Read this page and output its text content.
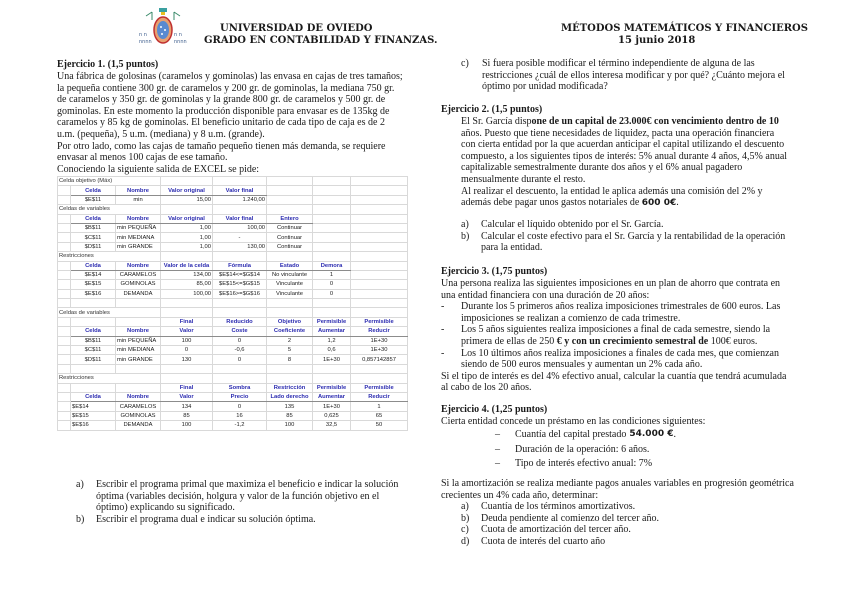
n n
nnnn
n n
nnnn
UNIVERSIDAD DE OVIEDO
GRADO EN CONTABILIDAD Y FINANZAS.
MÉTODOS MATEMÁTICOS Y FINANCIEROS
15 junio 2018
Ejercicio 1. (1,5 puntos)
Una fábrica de golosinas (caramelos y gominolas) las envasa en cajas de tres tamaños;
la pequeña contiene 300 gr. de caramelos y 200 gr. de gominolas, la mediana 750 gr.
de caramelos y 350 gr. de gominolas y la grande 800 gr. de caramelos y 500 gr. de
gominolas. En este momento la producción disponible para envasar es de 135kg de
caramelos y 85 kg de gominolas. El beneficio unitario de cada tipo de caja es de 2
u.m. (pequeña), 5 u.m. (mediana) y 8 u.m. (grande).
Por otro lado, como las cajas de tamaño pequeño tienen más demanda, se requiere
envasar al menos 100 cajas de ese tamaño.
Conociendo la siguiente salida de EXCEL se pide:
Celda objetivo (Máx)							
	Celda	Nombre	Valor original	Valor final			
	$E$11	min	15,00	1.240,00			
Celdas de variables							
	Celda	Nombre	Valor original	Valor final	Entero		
	$B$11	min PEQUEÑA	1,00	100,00	Continuar		
	$C$11	min MEDIANA	1,00	-	Continuar		
	$D$11	min GRANDE	1,00	130,00	Continuar		
Restricciones							
	Celda	Nombre	Valor de la celda	Fórmula	Estado	Demora	
	$E$14	CARAMELOS	134,00	$E$14<=$G$14	No vinculante	1	
	$E$15	GOMINOLAS	85,00	$E$15<=$G$15	Vinculante	0	
	$E$16	DEMANDA	100,00	$E$16>=$G$16	Vinculante	0	

Celdas de variables							
			Final	Reducido	Objetivo	Permisible	Permisible
	Celda	Nombre	Valor	Coste	Coeficiente	Aumentar	Reducir
	$B$11	min PEQUEÑA	100	0	2	1,2	1E+30
	$C$11	min MEDIANA	0	-0,6	5	0,6	1E+30
	$D$11	min GRANDE	130	0	8	1E+30	0,857142857

Restricciones							
			Final	Sombra	Restricción	Permisible	Permisible
	Celda	Nombre	Valor	Precio	Lado derecho	Aumentar	Reducir
	$E$14	CARAMELOS	134	0	135	1E+30	1
	$E$15	GOMINOLAS	85	16	85	0,625	65
	$E$16	DEMANDA	100	-1,2	100	32,5	50
a)	Escribir el programa primal que maximiza el beneficio e indicar la solución
óptima (variables decisión, holgura y valor de la función objetivo en el
óptimo) explicando su significado.
b)	Escribir el programa dual e indicar su solución óptima.
c)	Si fuera posible modificar el término independiente de alguna de las
restricciones ¿cuál de ellos interesa modificar y por qué? ¿Cuánto mejora el
óptimo por unidad modificada?
Ejercicio 2. (1,5 puntos)
El Sr. García dispone de un capital de 23.000€ con vencimiento dentro de 10
años. Puesto que tiene necesidades de liquidez, pacta una operación financiera
con cierta entidad por la que acuerdan anticipar el capital utilizando el descuento
compuesto, a los siguientes tipos de interés: 5% anual durante 4 años, 4,5% anual
capitalizable semestralmente durante dos años y el 6% anual pagadero
mensualmente durante el resto.
Al realizar el descuento, la entidad le aplica además una comisión del 2% y
además debe pagar unos gastos notariales de 600 0€.
a)	Calcular el líquido obtenido por el Sr. García.
b)	Calcular el coste efectivo para el Sr. García y la rentabilidad de la operación
para la entidad.
Ejercicio 3. (1,75 puntos)
Una persona realiza las siguientes imposiciones en un plan de ahorro que contrata en
una entidad financiera con una duración de 20 años:
-	Durante los 5 primeros años realiza imposiciones trimestrales de 600 euros. Las
imposiciones se realizan a comienzo de cada trimestre.
-	Los 5 años siguientes realiza imposiciones a final de cada semestre, siendo la
primera de ellas de 250 € y con un crecimiento semestral de 100€ euros.
-	Los 10 últimos años realiza imposiciones a finales de cada mes, que comienzan
siendo de 500 euros mensuales y aumentan un 2% cada año.
Si el tipo de interés es del 4% efectivo anual, calcular la cuantía que tendrá acumulada
al cabo de los 20 años.
Ejercicio 4. (1,25 puntos)
Cierta entidad concede un préstamo en las condiciones siguientes:
–	Cuantía del capital prestado 54.000 € .
–	Duración de la operación: 6 años.
–	Tipo de interés efectivo anual: 7%
Si la amortización se realiza mediante pagos anuales variables en progresión geométrica
crecientes un 4% cada año, determinar:
a)	Cuantía de los términos amortizativos.
b)	Deuda pendiente al comienzo del tercer año.
c)	Cuota de amortización del tercer año.
d)	Cuota de interés del cuarto año
